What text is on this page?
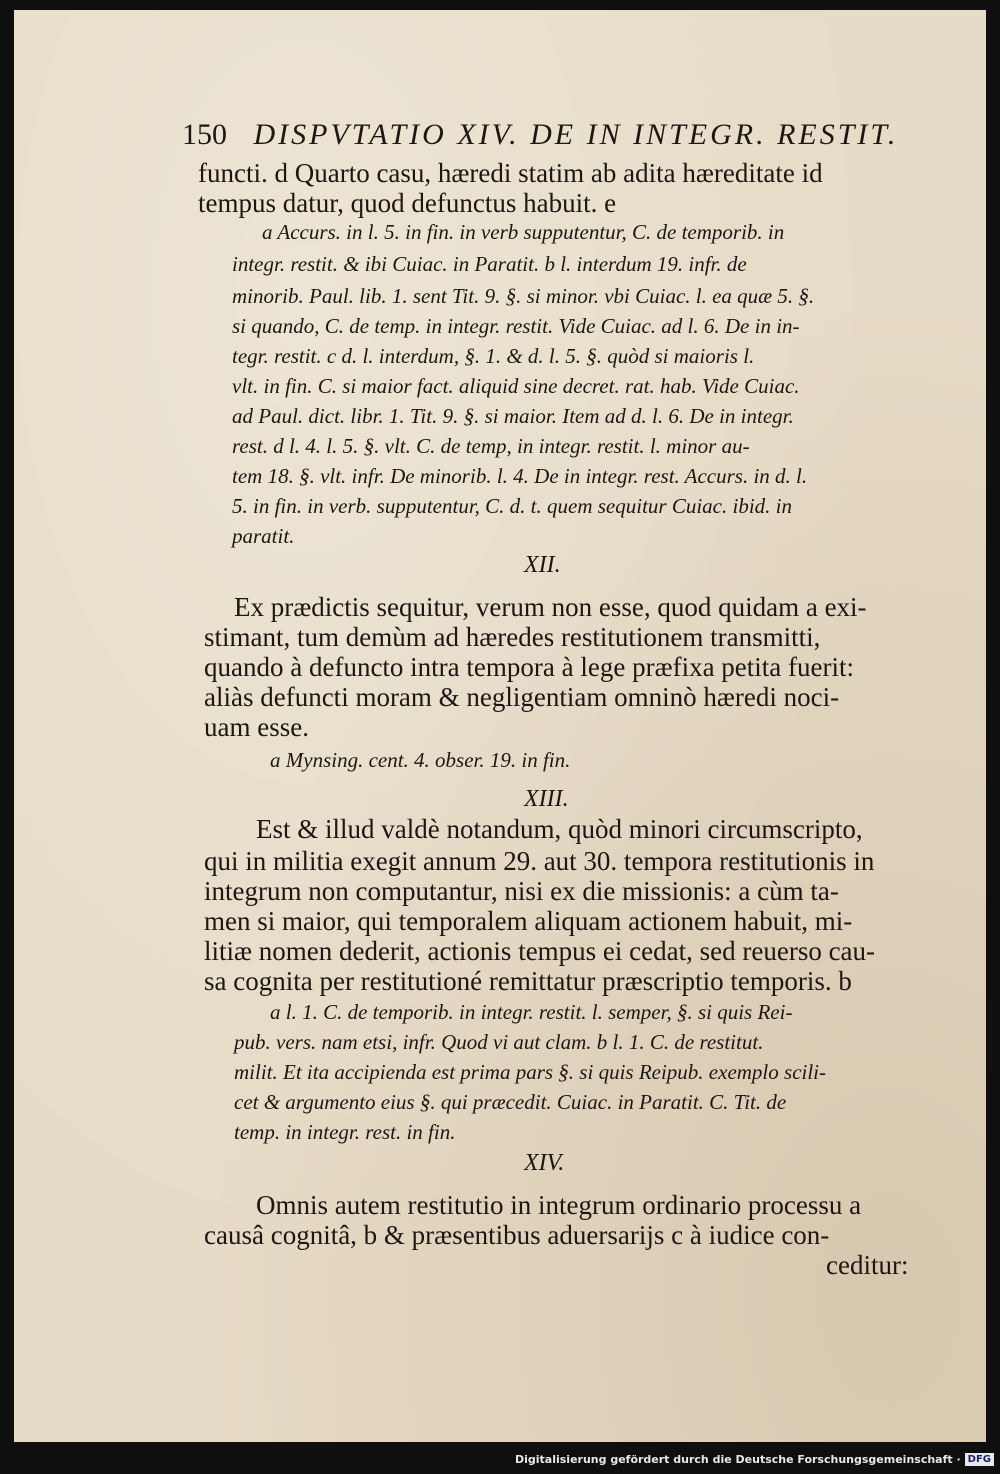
150 DISPVTATIO XIV. DE IN INTEGR. RESTIT.
functi. d Quarto casu, hæredi statim ab adita hæreditate id
tempus datur, quod defunctus habuit. e
a Accurs. in l. 5. in fin. in verb supputentur, C. de temporib. in
integr. restit. & ibi Cuiac. in Paratit. b l. interdum 19. infr. de
minorib. Paul. lib. 1. sent Tit. 9. §. si minor. vbi Cuiac. l. ea quæ 5. §.
si quando, C. de temp. in integr. restit. Vide Cuiac. ad l. 6. De in in-
tegr. restit. c d. l. interdum, §. 1. & d. l. 5. §. quòd si maioris l.
vlt. in fin. C. si maior fact. aliquid sine decret. rat. hab. Vide Cuiac.
ad Paul. dict. libr. 1. Tit. 9. §. si maior. Item ad d. l. 6. De in integr.
rest. d l. 4. l. 5. §. vlt. C. de temp, in integr. restit. l. minor au-
tem 18. §. vlt. infr. De minorib. l. 4. De in integr. rest. Accurs. in d. l.
5. in fin. in verb. supputentur, C. d. t. quem sequitur Cuiac. ibid. in
paratit.
XII.
Ex prædictis sequitur, verum non esse, quod quidam a exi-
stimant, tum demùm ad hæredes restitutionem transmitti,
quando à defuncto intra tempora à lege præfixa petita fuerit:
aliàs defuncti moram & negligentiam omninò hæredi noci-
uam esse.
a Mynsing. cent. 4. obser. 19. in fin.
XIII.
Est & illud valdè notandum, quòd minori circumscripto,
qui in militia exegit annum 29. aut 30. tempora restitutionis in
integrum non computantur, nisi ex die missionis: a cùm ta-
men si maior, qui temporalem aliquam actionem habuit, mi-
litiæ nomen dederit, actionis tempus ei cedat, sed reuerso cau-
sa cognita per restitutioné remittatur præscriptio temporis. b
a l. 1. C. de temporib. in integr. restit. l. semper, §. si quis Rei-
pub. vers. nam etsi, infr. Quod vi aut clam. b l. 1. C. de restitut.
milit. Et ita accipienda est prima pars §. si quis Reipub. exemplo scili-
cet & argumento eius §. qui præcedit. Cuiac. in Paratit. C. Tit. de
temp. in integr. rest. in fin.
XIV.
Omnis autem restitutio in integrum ordinario processu a
causâ cognitâ, b & præsentibus aduersarijs c à iudice con-
ceditur:
Digitalisierung gefördert durch die Deutsche Forschungsgemeinschaft · DFG
